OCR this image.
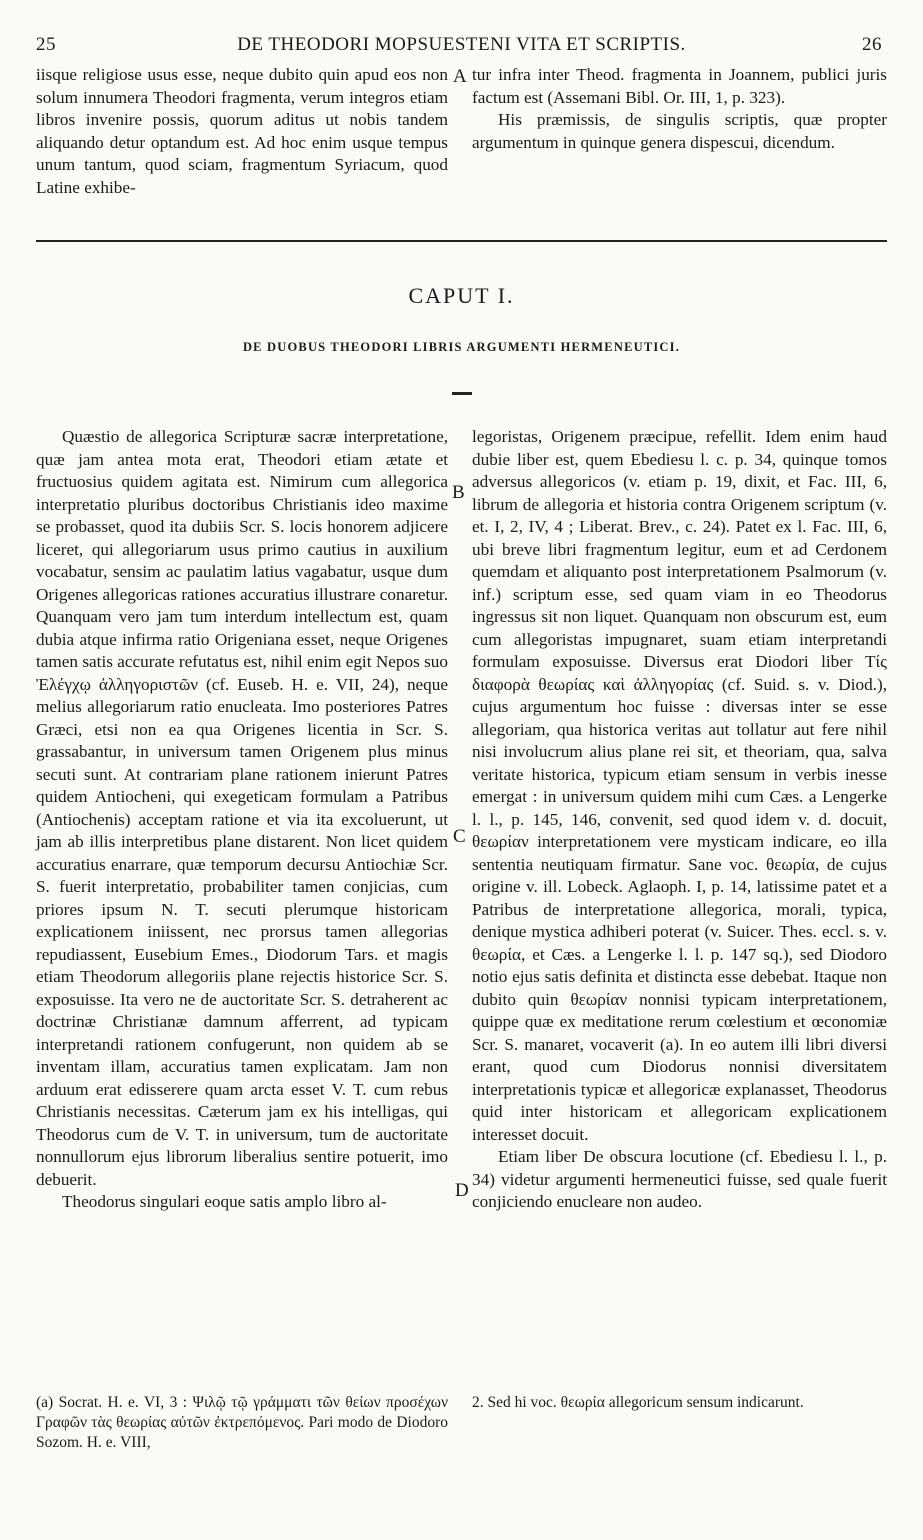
25	DE THEODORI MOPSUESTENI VITA ET SCRIPTIS.	26

iisque religiose usus esse, neque dubito quin apud eos non solum innumera Theodori fragmenta, verum integros etiam libros invenire possis, quorum aditus ut nobis tandem aliquando detur optandum est. Ad hoc enim usque tempus unum tantum, quod sciam, fragmentum Syriacum, quod Latine exhibe-

A tur infra inter Theod. fragmenta in Joannem, publici juris factum est (Assemani Bibl. Or. III, 1, p. 323).

His præmissis, de singulis scriptis, quæ propter argumentum in quinque genera dispescui, dicendum.

CAPUT I.
DE DUOBUS THEODORI LIBRIS ARGUMENTI HERMENEUTICI.

Quæstio de allegorica Scripturæ sacræ interpretatione, quæ jam antea mota erat, Theodori etiam ætate et fructuosius quidem agitata est. Nimirum cum allegorica interpretatio pluribus doctoribus Christianis ideo maxime se probasset, quod ita dubiis Scr. S. locis honorem adjicere liceret, qui allegoriarum usus primo cautius in auxilium vocabatur, sensim ac paulatim latius vagabatur, usque dum Origenes allegoricas rationes accuratius illustrare conaretur. Quanquam vero jam tum interdum intellectum est, quam dubia atque infirma ratio Origeniana esset, neque Origenes tamen satis accurate refutatus est, nihil enim egit Nepos suo Ἐλέγχῳ ἀλληγοριστῶν (cf. Euseb. H. e. VII, 24), neque melius allegoriarum ratio enucleata. Imo posteriores Patres Græci, etsi non ea qua Origenes licentia in Scr. S. grassabantur, in universum tamen Origenem plus minus secuti sunt. At contrariam plane rationem inierunt Patres quidem Antiocheni, qui exegeticam formulam a Patribus (Antiochenis) acceptam ratione et via ita excoluerunt, ut jam ab illis interpretibus plane distarent. Non licet quidem accuratius enarrare, quæ temporum decursu Antiochiæ Scr. S. fuerit interpretatio, probabiliter tamen conjicias, cum priores ipsum N. T. secuti plerumque historicam explicationem iniissent, nec prorsus tamen allegorias repudiassent, Eusebium Emes., Diodorum Tars. et magis etiam Theodorum allegoriis plane rejectis historice Scr. S. exposuisse. Ita vero ne de auctoritate Scr. S. detraherent ac doctrinæ Christianæ damnum afferrent, ad typicam interpretandi rationem confugerunt, non quidem ab se inventam illam, accuratius tamen explicatam. Jam non arduum erat edisserere quam arcta esset V. T. cum rebus Christianis necessitas. Cæterum jam ex his intelligas, qui Theodorus cum de V. T. in universum, tum de auctoritate nonnullorum ejus librorum liberalius sentire potuerit, imo debuerit.

Theodorus singulari eoque satis amplo libro al-

B
C
D

legoristas, Origenem præcipue, refellit. Idem enim haud dubie liber est, quem Ebediesu l. c. p. 34, quinque tomos adversus allegoricos (v. etiam p. 19, dixit, et Fac. III, 6, librum de allegoria et historia contra Origenem scriptum (v. et. I, 2, IV, 4 ; Liberat. Brev., c. 24). Patet ex l. Fac. III, 6, ubi breve libri fragmentum legitur, eum et ad Cerdonem quemdam et aliquanto post interpretationem Psalmorum (v. inf.) scriptum esse, sed quam viam in eo Theodorus ingressus sit non liquet. Quanquam non obscurum est, eum cum allegoristas impugnaret, suam etiam interpretandi formulam exposuisse. Diversus erat Diodori liber Τίς διαφορὰ θεωρίας καὶ ἀλληγορίας (cf. Suid. s. v. Diod.), cujus argumentum hoc fuisse : diversas inter se esse allegoriam, qua historica veritas aut tollatur aut fere nihil nisi involucrum alius plane rei sit, et theoriam, qua, salva veritate historica, typicum etiam sensum in verbis inesse emergat : in universum quidem mihi cum Cæs. a Lengerke l. l., p. 145, 146, convenit, sed quod idem v. d. docuit, θεωρίαν interpretationem vere mysticam indicare, eo illa sententia neutiquam firmatur. Sane voc. θεωρία, de cujus origine v. ill. Lobeck. Aglaoph. I, p. 14, latissime patet et a Patribus de interpretatione allegorica, morali, typica, denique mystica adhiberi poterat (v. Suicer. Thes. eccl. s. v. θεωρία, et Cæs. a Lengerke l. l. p. 147 sq.), sed Diodoro notio ejus satis definita et distincta esse debebat. Itaque non dubito quin θεωρίαν nonnisi typicam interpretationem, quippe quæ ex meditatione rerum cœlestium et œconomiæ Scr. S. manaret, vocaverit (a). In eo autem illi libri diversi erant, quod cum Diodorus nonnisi diversitatem interpretationis typicæ et allegoricæ explanasset, Theodorus quid inter historicam et allegoricam explicationem interesset docuit.

Etiam liber De obscura locutione (cf. Ebediesu l. l., p. 34) videtur argumenti hermeneutici fuisse, sed quale fuerit conjiciendo enucleare non audeo.

(a) Socrat. H. e. VI, 3 : Ψιλῷ τῷ γράμματι τῶν θείων προσέχων Γραφῶν τὰς θεωρίας αὐτῶν ἐκτρεπόμενος. Pari modo de Diodoro Sozom. H. e. VIII,

2. Sed hi voc. θεωρία allegoricum sensum indicarunt.
